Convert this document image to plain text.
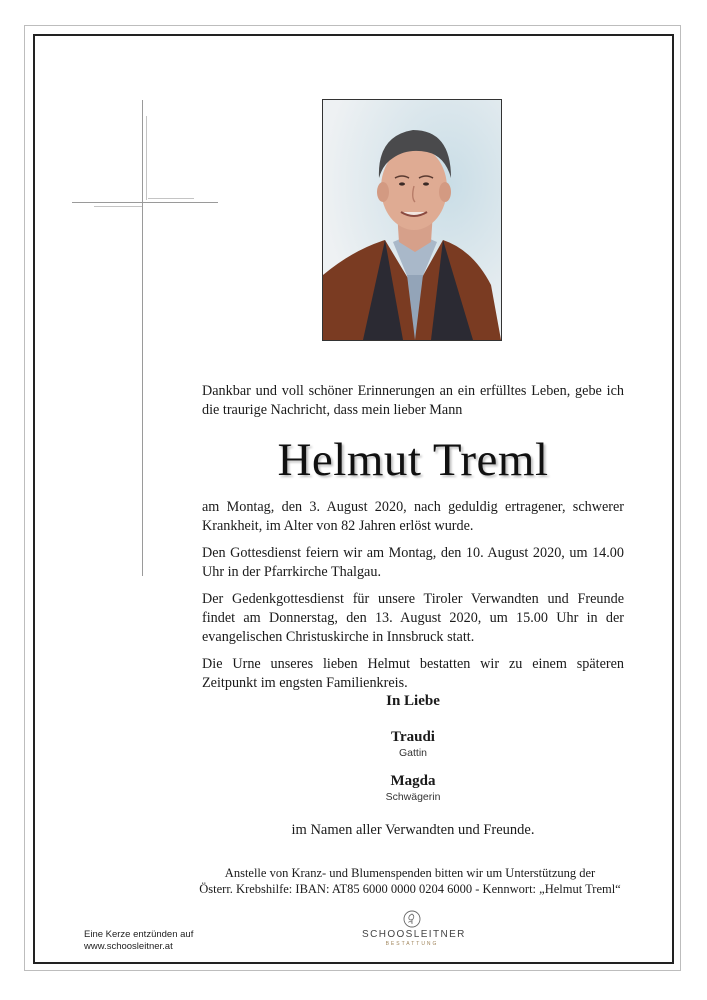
Dankbar und voll schöner Erinnerungen an ein erfülltes Leben, gebe ich die traurige Nachricht, dass mein lieber Mann
Helmut Treml

am Montag, den 3. August 2020, nach geduldig ertragener, schwerer Krankheit, im Alter von 82 Jahren erlöst wurde.

Den Gottesdienst feiern wir am Montag, den 10. August 2020, um 14.00 Uhr in der Pfarrkirche Thalgau.

Der Gedenkgottesdienst für unsere Tiroler Verwandten und Freunde findet am Donnerstag, den 13. August 2020, um 15.00 Uhr in der evangelischen Christuskirche in Innsbruck statt.

Die Urne unseres lieben Helmut bestatten wir zu einem späteren Zeitpunkt im engsten Familienkreis.

In Liebe
Traudi
Gattin
Magda
Schwägerin
im Namen aller Verwandten und Freunde.
Anstelle von Kranz- und Blumenspenden bitten wir um Unterstützung der
Österr. Krebshilfe: IBAN: AT85 6000 0000 0204 6000 - Kennwort: „Helmut Treml“
Eine Kerze entzünden auf
www.schoosleitner.at
SCHOOSLEITNER
BESTATTUNG
